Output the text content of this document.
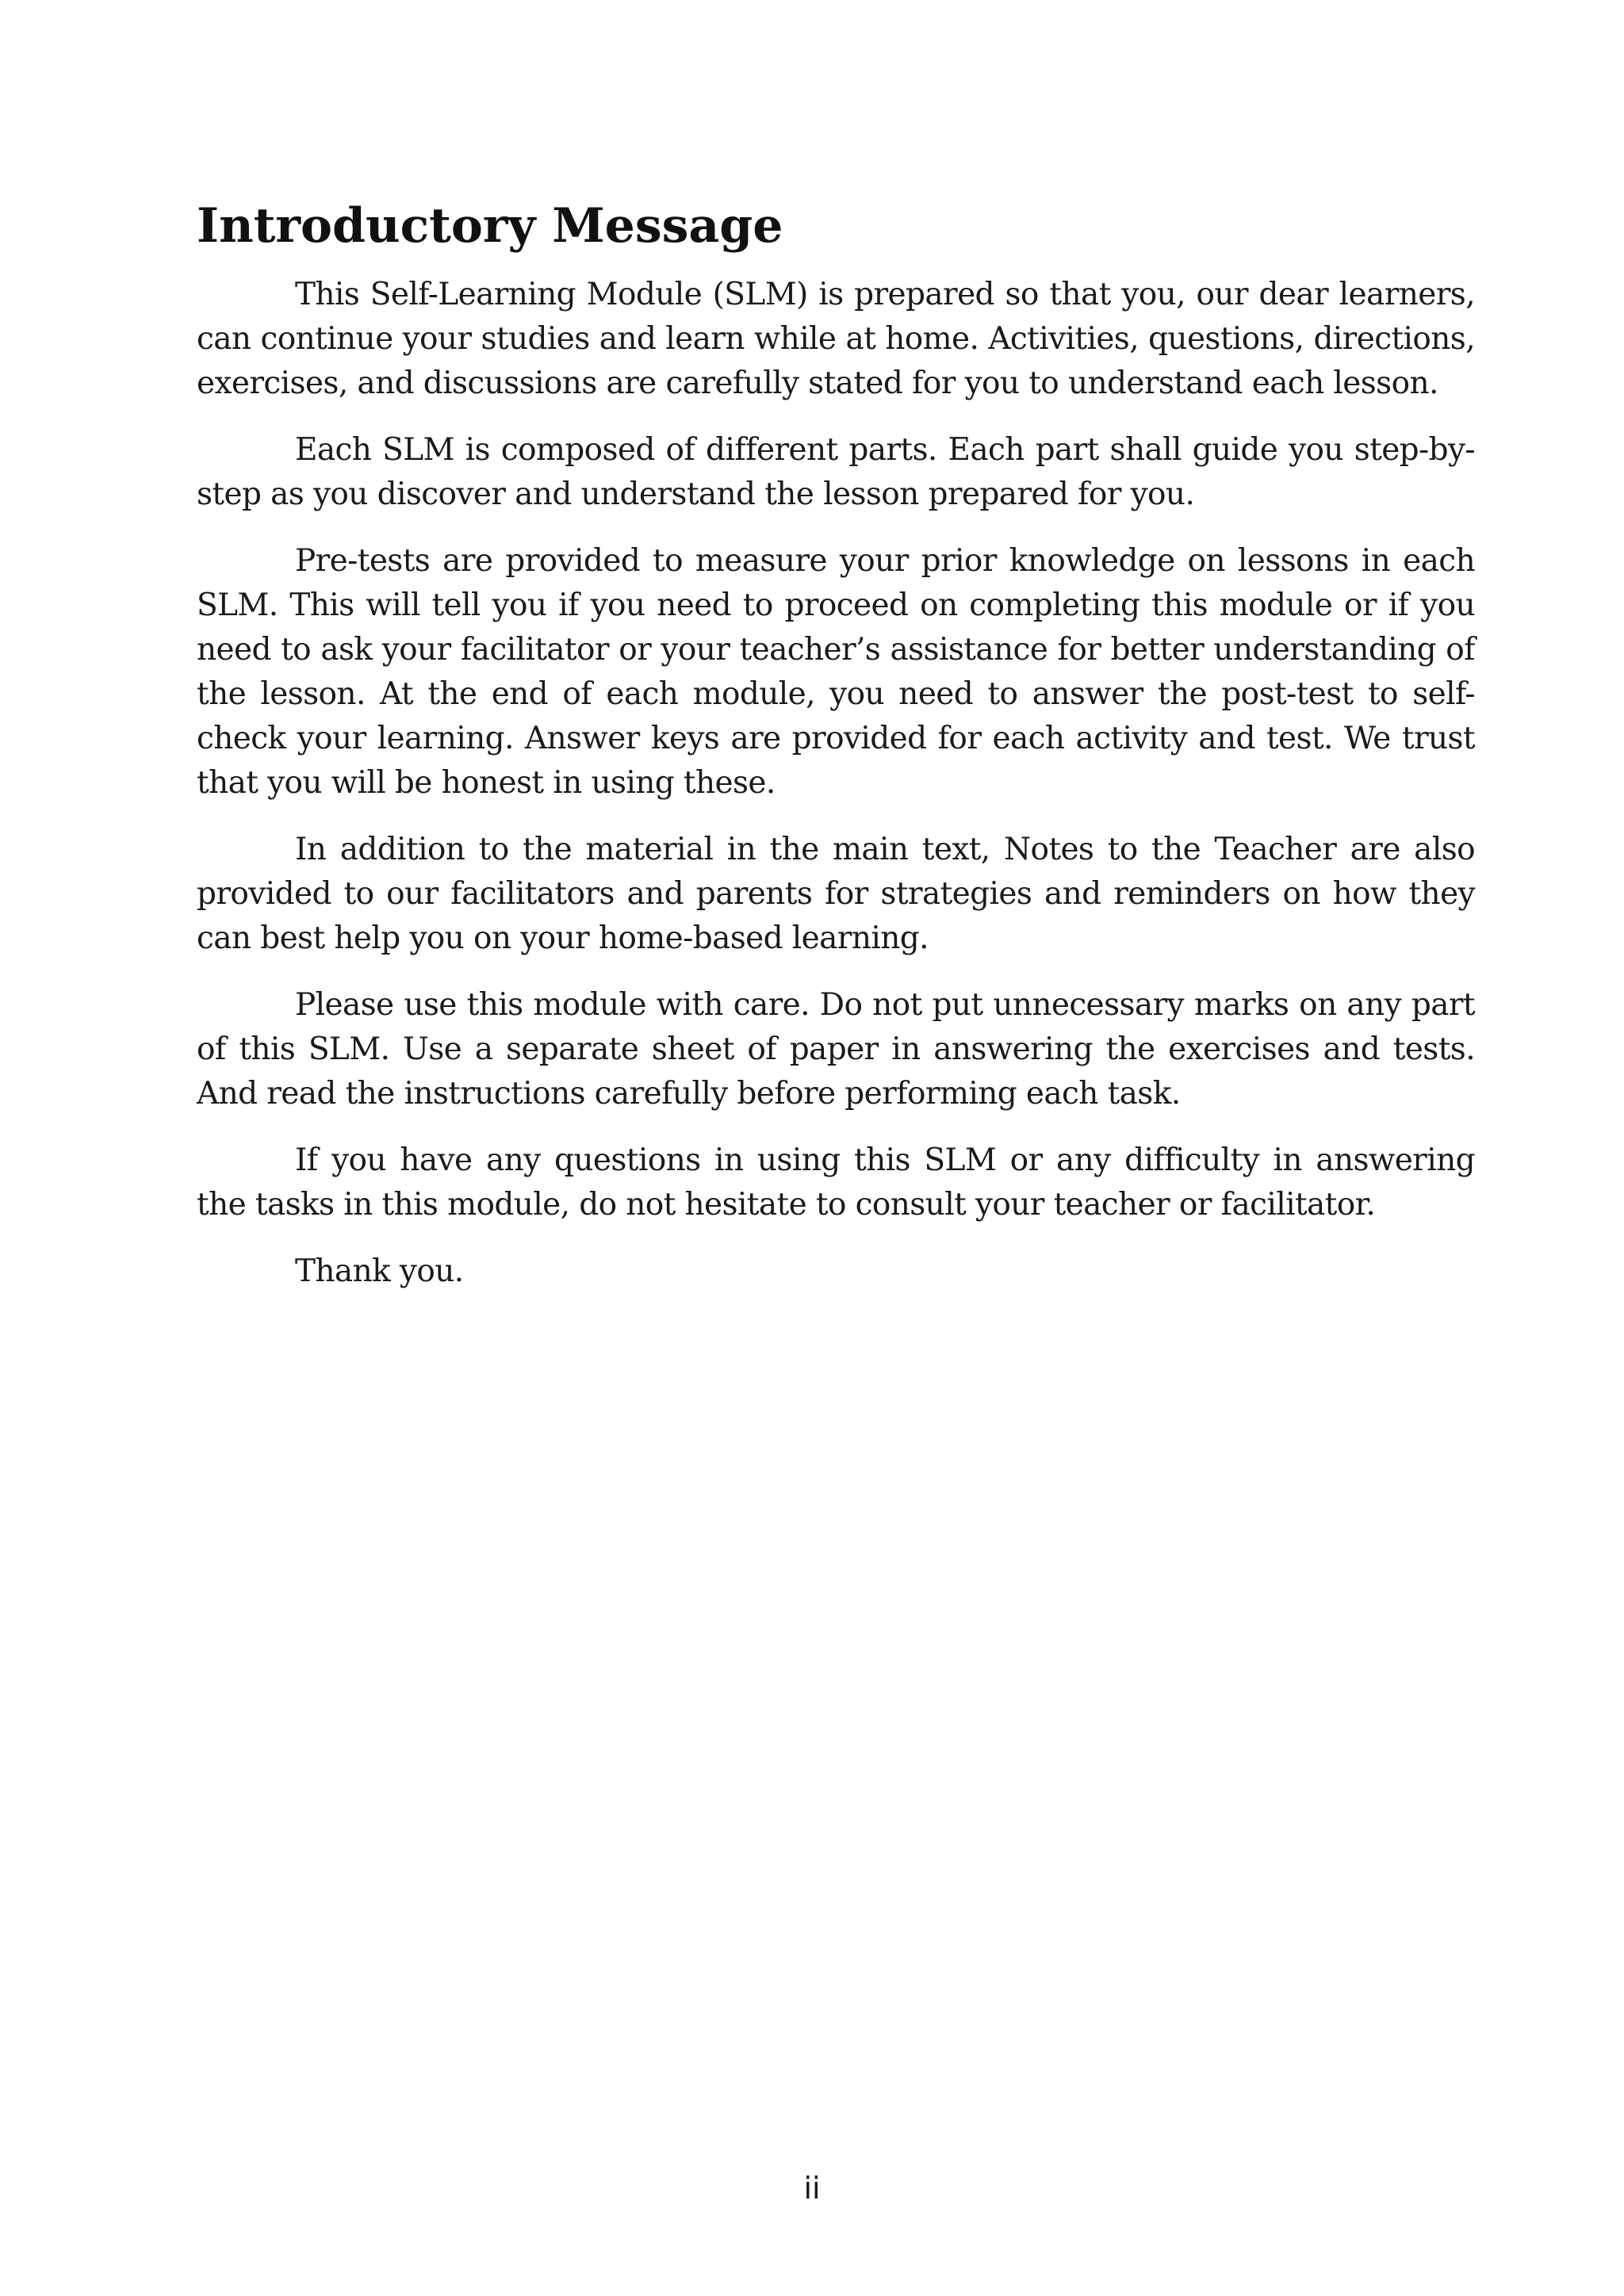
Introductory Message

This Self-Learning Module (SLM) is prepared so that you, our dear learners, can continue your studies and learn while at home. Activities, questions, directions, exercises, and discussions are carefully stated for you to understand each lesson.

Each SLM is composed of different parts. Each part shall guide you step-by-step as you discover and understand the lesson prepared for you.

Pre-tests are provided to measure your prior knowledge on lessons in each SLM. This will tell you if you need to proceed on completing this module or if you need to ask your facilitator or your teacher’s assistance for better understanding of the lesson. At the end of each module, you need to answer the post-test to self-check your learning. Answer keys are provided for each activity and test. We trust that you will be honest in using these.

In addition to the material in the main text, Notes to the Teacher are also provided to our facilitators and parents for strategies and reminders on how they can best help you on your home-based learning.

Please use this module with care. Do not put unnecessary marks on any part of this SLM. Use a separate sheet of paper in answering the exercises and tests. And read the instructions carefully before performing each task.

If you have any questions in using this SLM or any difficulty in answering the tasks in this module, do not hesitate to consult your teacher or facilitator.

Thank you.

ii
